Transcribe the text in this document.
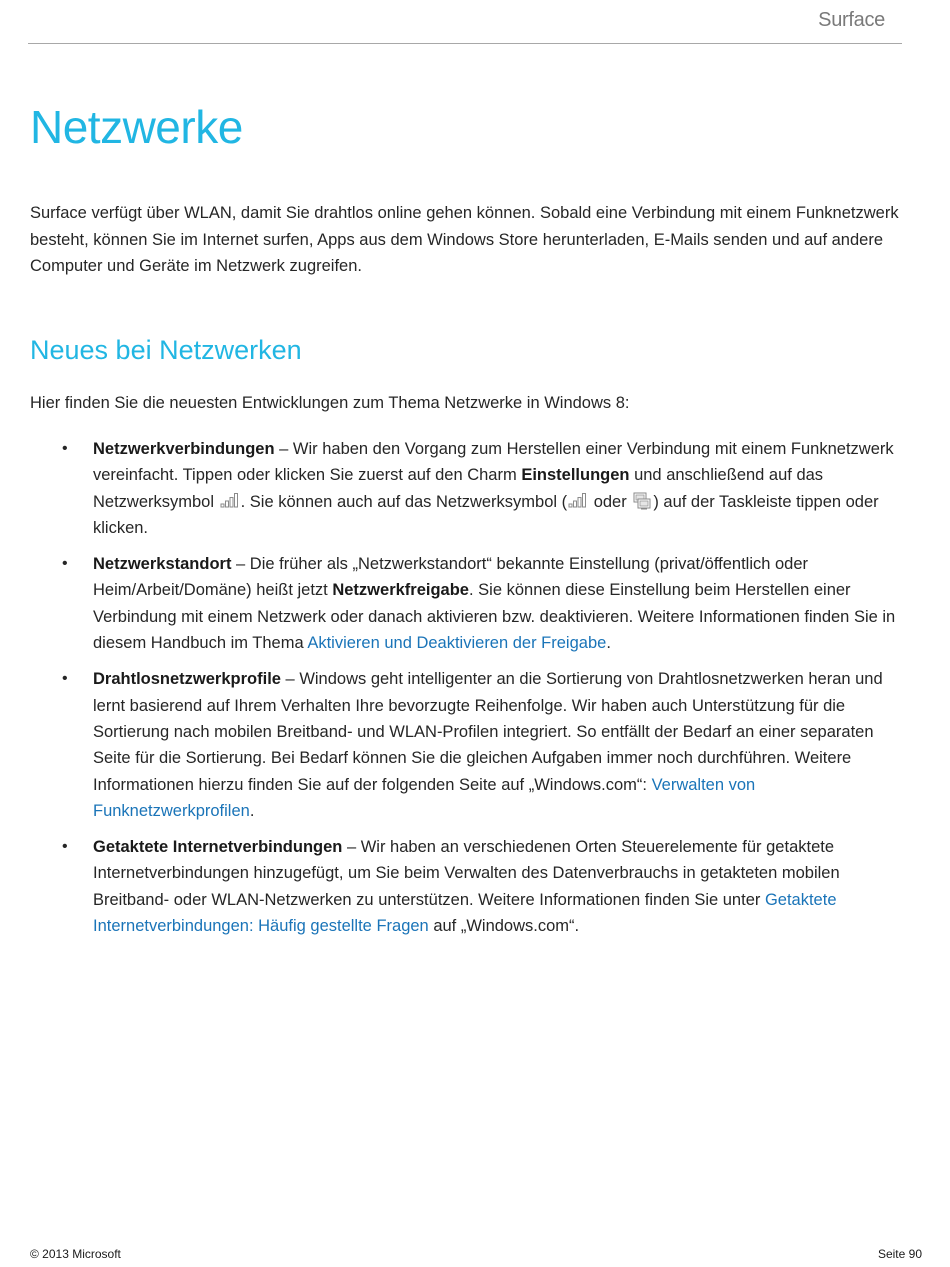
Surface
Netzwerke

Surface verfügt über WLAN, damit Sie drahtlos online gehen können. Sobald eine Verbindung mit einem Funknetzwerk besteht, können Sie im Internet surfen, Apps aus dem Windows Store herunterladen, E-Mails senden und auf andere Computer und Geräte im Netzwerk zugreifen.

Neues bei Netzwerken

Hier finden Sie die neuesten Entwicklungen zum Thema Netzwerke in Windows 8:

• Netzwerkverbindungen – Wir haben den Vorgang zum Herstellen einer Verbindung mit einem Funknetzwerk vereinfacht. Tippen oder klicken Sie zuerst auf den Charm Einstellungen und anschließend auf das Netzwerksymbol
. Sie können auch auf das Netzwerksymbol (
oder
) auf der Taskleiste tippen oder klicken.
• Netzwerkstandort – Die früher als „Netzwerkstandort“ bekannte Einstellung (privat/öffentlich oder Heim/Arbeit/Domäne) heißt jetzt Netzwerkfreigabe. Sie können diese Einstellung beim Herstellen einer Verbindung mit einem Netzwerk oder danach aktivieren bzw. deaktivieren. Weitere Informationen finden Sie in diesem Handbuch im Thema Aktivieren und Deaktivieren der Freigabe.
• Drahtlosnetzwerkprofile – Windows geht intelligenter an die Sortierung von Drahtlosnetzwerken heran und lernt basierend auf Ihrem Verhalten Ihre bevorzugte Reihenfolge. Wir haben auch Unterstützung für die Sortierung nach mobilen Breitband- und WLAN-Profilen integriert. So entfällt der Bedarf an einer separaten Seite für die Sortierung. Bei Bedarf können Sie die gleichen Aufgaben immer noch durchführen. Weitere Informationen hierzu finden Sie auf der folgenden Seite auf „Windows.com“: Verwalten von Funknetzwerkprofilen.
• Getaktete Internetverbindungen – Wir haben an verschiedenen Orten Steuerelemente für getaktete Internetverbindungen hinzugefügt, um Sie beim Verwalten des Datenverbrauchs in getakteten mobilen Breitband- oder WLAN-Netzwerken zu unterstützen. Weitere Informationen finden Sie unter Getaktete Internetverbindungen: Häufig gestellte Fragen auf „Windows.com“.
© 2013 Microsoft	Seite 90
